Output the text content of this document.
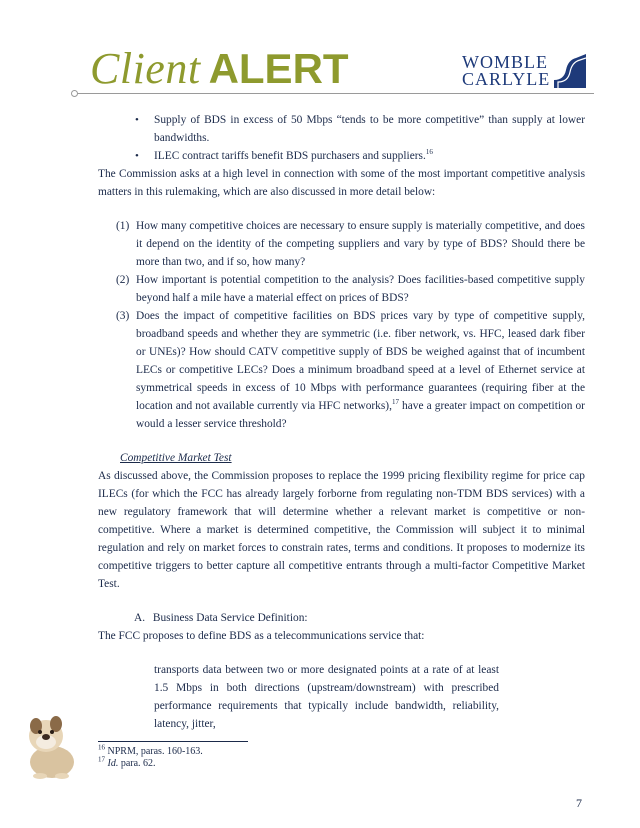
Client ALERT	WOMBLE
CARLYLE

• Supply of BDS in excess of 50 Mbps “tends to be more competitive” than supply at lower bandwidths.

• ILEC contract tariffs benefit BDS purchasers and suppliers.$^{16}$

The Commission asks at a high level in connection with some of the most important competitive analysis matters in this rulemaking, which are also discussed in more detail below:

(1) How many competitive choices are necessary to ensure supply is materially competitive, and does it depend on the identity of the competing suppliers and vary by type of BDS? Should there be more than two, and if so, how many?

(2) How important is potential competition to the analysis? Does facilities-based competitive supply beyond half a mile have a material effect on prices of BDS?

(3) Does the impact of competitive facilities on BDS prices vary by type of competitive supply, broadband speeds and whether they are symmetric (i.e. fiber network, vs. HFC, leased dark fiber or UNEs)? How should CATV competitive supply of BDS be weighed against that of incumbent LECs or competitive LECs? Does a minimum broadband speed at a level of Ethernet service at symmetrical speeds in excess of 10 Mbps with performance guarantees (requiring fiber at the location and not available currently via HFC networks),$^{17}$ have a greater impact on competition or would a lesser service threshold?

Competitive Market Test

As discussed above, the Commission proposes to replace the 1999 pricing flexibility regime for price cap ILECs (for which the FCC has already largely forborne from regulating non-TDM BDS services) with a new regulatory framework that will determine whether a relevant market is competitive or non-competitive. Where a market is determined competitive, the Commission will subject it to minimal regulation and rely on market forces to constrain rates, terms and conditions. It proposes to modernize its competitive triggers to better capture all competitive entrants through a multi-factor Competitive Market Test.

A. Business Data Service Definition:

The FCC proposes to define BDS as a telecommunications service that:

transports data between two or more designated points at a rate of at least 1.5 Mbps in both directions (upstream/downstream) with prescribed performance requirements that typically include bandwidth, reliability, latency, jitter,

$^{16}$ NPRM, paras. 160-163.
$^{17}$ Id. para. 62.
7
